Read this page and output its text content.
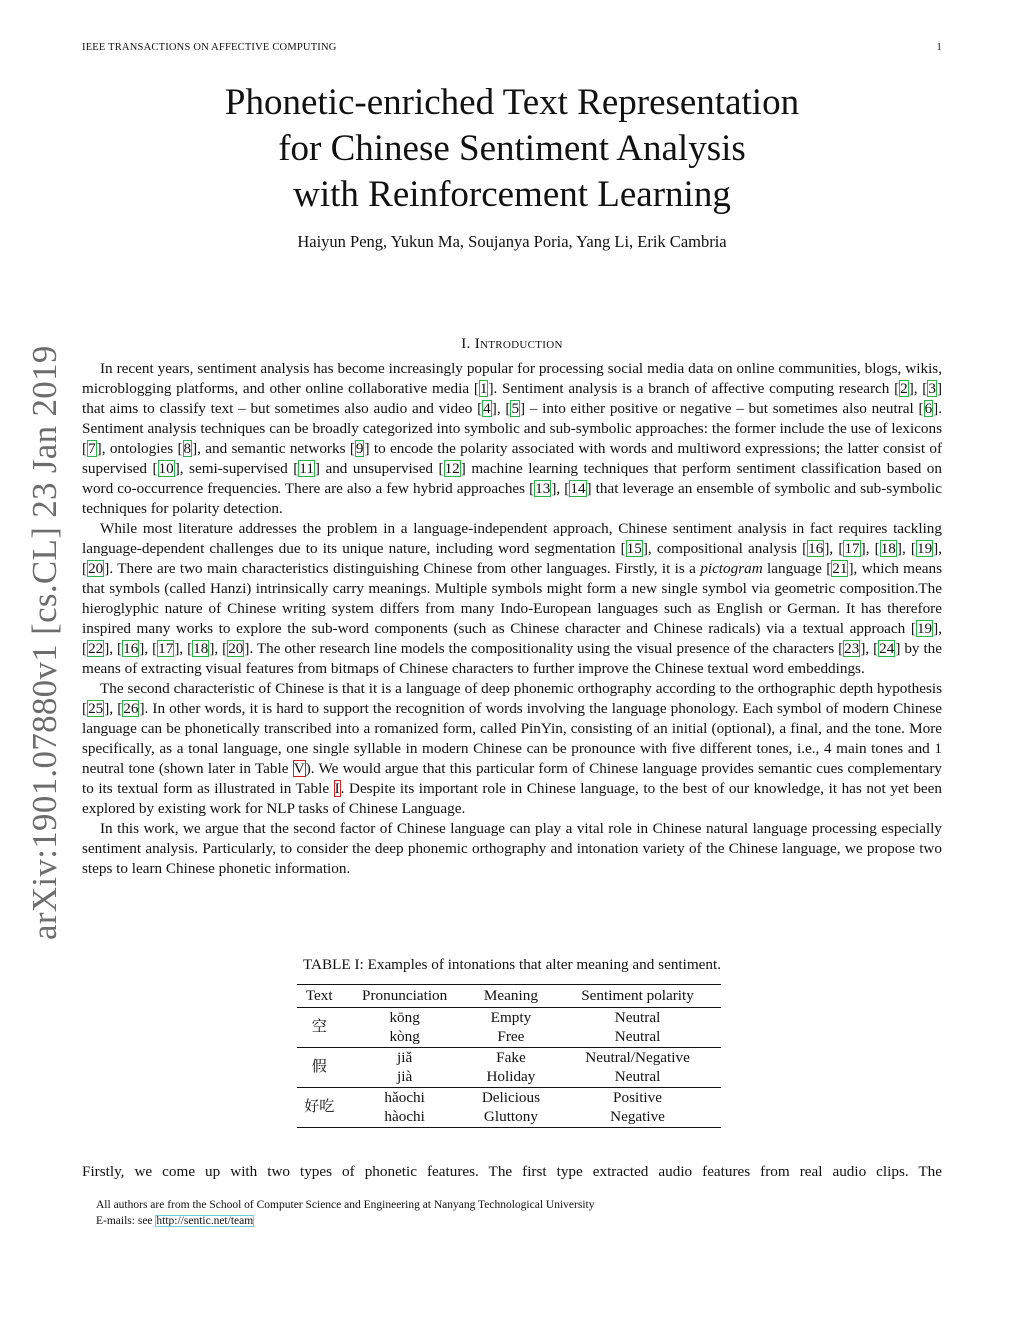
IEEE TRANSACTIONS ON AFFECTIVE COMPUTING	1
Phonetic-enriched Text Representation
for Chinese Sentiment Analysis
with Reinforcement Learning
Haiyun Peng, Yukun Ma, Soujanya Poria, Yang Li, Erik Cambria
arXiv:1901.07880v1 [cs.CL] 23 Jan 2019
I. Introduction

In recent years, sentiment analysis has become increasingly popular for processing social media data on online communities, blogs, wikis, microblogging platforms, and other online collaborative media [1]. Sentiment analysis is a branch of affective computing research [2], [3] that aims to classify text – but sometimes also audio and video [4], [5] – into either positive or negative – but sometimes also neutral [6]. Sentiment analysis techniques can be broadly categorized into symbolic and sub-symbolic approaches: the former include the use of lexicons [7], ontologies [8], and semantic networks [9] to encode the polarity associated with words and multiword expressions; the latter consist of supervised [10], semi-supervised [11] and unsupervised [12] machine learning techniques that perform sentiment classification based on word co-occurrence frequencies. There are also a few hybrid approaches [13], [14] that leverage an ensemble of symbolic and sub-symbolic techniques for polarity detection.

While most literature addresses the problem in a language-independent approach, Chinese sentiment analysis in fact requires tackling language-dependent challenges due to its unique nature, including word segmentation [15], compositional analysis [16], [17], [18], [19], [20]. There are two main characteristics distinguishing Chinese from other languages. Firstly, it is a pictogram language [21], which means that symbols (called Hanzi) intrinsically carry meanings. Multiple symbols might form a new single symbol via geometric composition.The hieroglyphic nature of Chinese writing system differs from many Indo-European languages such as English or German. It has therefore inspired many works to explore the sub-word components (such as Chinese character and Chinese radicals) via a textual approach [19], [22], [16], [17], [18], [20]. The other research line models the compositionality using the visual presence of the characters [23], [24] by the means of extracting visual features from bitmaps of Chinese characters to further improve the Chinese textual word embeddings.

The second characteristic of Chinese is that it is a language of deep phonemic orthography according to the orthographic depth hypothesis [25], [26]. In other words, it is hard to support the recognition of words involving the language phonology. Each symbol of modern Chinese language can be phonetically transcribed into a romanized form, called PinYin, consisting of an initial (optional), a final, and the tone. More specifically, as a tonal language, one single syllable in modern Chinese can be pronounce with five different tones, i.e., 4 main tones and 1 neutral tone (shown later in Table V). We would argue that this particular form of Chinese language provides semantic cues complementary to its textual form as illustrated in Table I. Despite its important role in Chinese language, to the best of our knowledge, it has not yet been explored by existing work for NLP tasks of Chinese Language.

In this work, we argue that the second factor of Chinese language can play a vital role in Chinese natural language processing especially sentiment analysis. Particularly, to consider the deep phonemic orthography and intonation variety of the Chinese language, we propose two steps to learn Chinese phonetic information.

TABLE I: Examples of intonations that alter meaning and sentiment.
Text	Pronunciation	Meaning	Sentiment polarity
空	kōng	Empty	Neutral
	kòng	Free	Neutral
假	jiǎ	Fake	Neutral/Negative
	jià	Holiday	Neutral
好吃	hǎochi	Delicious	Positive
	hàochi	Gluttony	Negative
Firstly, we come up with two types of phonetic features. The first type extracted audio features from real audio clips. The
All authors are from the School of Computer Science and Engineering at Nanyang Technological University
E-mails: see http://sentic.net/team
